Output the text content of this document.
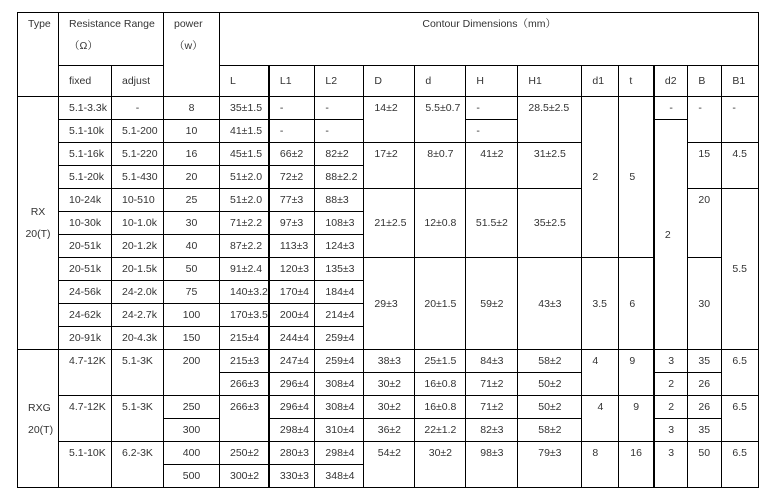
Type	Resistance Range
（Ω）

power
（w）
	Contour Dimensions（mm）
	fixed	adjust		L	L1	L2	D	d	H	H1	d1	t	d2	B	B1

RX
20(T)	5.1-3.3k	-	8	35±1.5	-	-	14±2	5.5±0.7	-	28.5±2.5	2	5	-	-	-
	5.1-10k	5.1-200	10	41±1.5	-	-			-				2		
	5.1-16k	5.1-220	16	45±1.5	66±2	82±2	17±2	8±0.7	41±2	31±2.5				15	4.5
	5.1-20k	5.1-430	20	51±2.0	72±2	88±2.2									
	10-24k	10-510	25	51±2.0	77±3	88±3	21±2.5	12±0.8	51.5±2	35±2.5				20	5.5
	10-30k	10-1.0k	30	71±2.2	97±3	108±3									
	20-51k	20-1.2k	40	87±2.2	113±3	124±3									
	20-51k	20-1.5k	50	91±2.4	120±3	135±3	29±3	20±1.5	59±2	43±3	3.5	6		30	
	24-56k	24-2.0k	75	140±3.2	170±4	184±4									
	24-62k	24-2.7k	100	170±3.5	200±4	214±4									
	20-91k	20-4.3k	150	215±4	244±4	259±4									

RXG
20(T)	4.7-12K	5.1-3K	200	215±3	247±4	259±4	38±3	25±1.5	84±3	58±2	4	9	3	35	6.5
				266±3	296±4	308±4	30±2	16±0.8	71±2	50±2			2	26	
	4.7-12K	5.1-3K	250	266±3	296±4	308±4	30±2	16±0.8	71±2	50±2	4	9	2	26	6.5
			300		298±4	310±4	36±2	22±1.2	82±3	58±2			3	35	
	5.1-10K	6.2-3K	400	250±2	280±3	298±4	54±2	30±2	98±3	79±3	8	16	3	50	6.5
			500	300±2	330±3	348±4									
